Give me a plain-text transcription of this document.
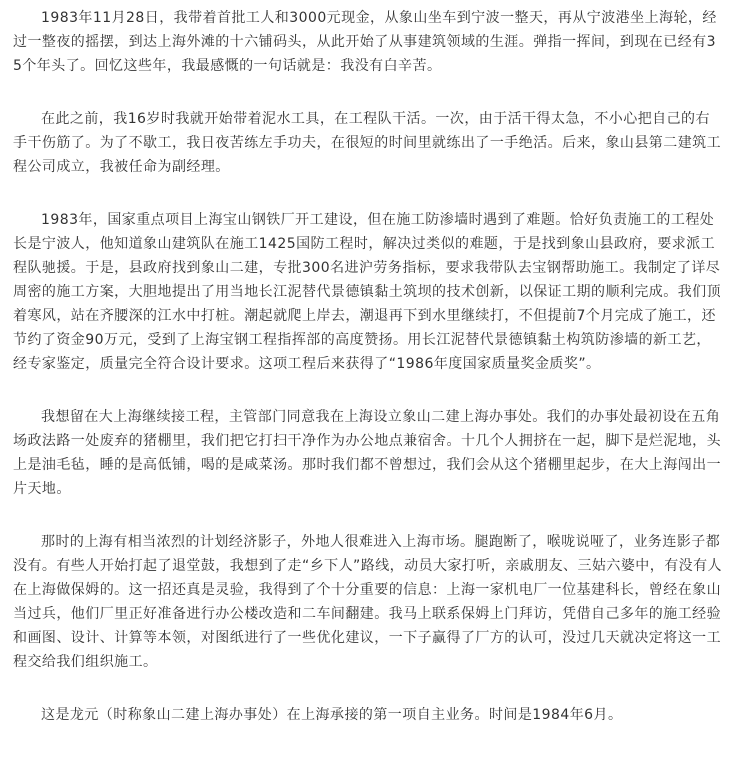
1983年11月28日，我带着首批工人和3000元现金，从象山坐车到宁波一整天，再从宁波港坐上海轮，经过一整夜的摇摆，到达上海外滩的十六铺码头，从此开始了从事建筑领域的生涯。弹指一挥间，到现在已经有35个年头了。回忆这些年，我最感慨的一句话就是：我没有白辛苦。

在此之前，我16岁时我就开始带着泥水工具，在工程队干活。一次，由于活干得太急，不小心把自己的右手干伤筋了。为了不歇工，我日夜苦练左手功夫，在很短的时间里就练出了一手绝活。后来，象山县第二建筑工程公司成立，我被任命为副经理。

1983年，国家重点项目上海宝山钢铁厂开工建设，但在施工防渗墙时遇到了难题。恰好负责施工的工程处长是宁波人，他知道象山建筑队在施工1425国防工程时，解决过类似的难题，于是找到象山县政府，要求派工程队驰援。于是，县政府找到象山二建，专批300名进沪劳务指标，要求我带队去宝钢帮助施工。我制定了详尽周密的施工方案，大胆地提出了用当地长江泥替代景德镇黏土筑坝的技术创新，以保证工期的顺利完成。我们顶着寒风，站在齐腰深的江水中打桩。潮起就爬上岸去，潮退再下到水里继续打，不但提前7个月完成了施工，还节约了资金90万元，受到了上海宝钢工程指挥部的高度赞扬。用长江泥替代景德镇黏土构筑防渗墙的新工艺，经专家鉴定，质量完全符合设计要求。这项工程后来获得了“1986年度国家质量奖金质奖”。

我想留在大上海继续接工程，主管部门同意我在上海设立象山二建上海办事处。我们的办事处最初设在五角场政法路一处废弃的猪棚里，我们把它打扫干净作为办公地点兼宿舍。十几个人拥挤在一起，脚下是烂泥地，头上是油毛毡，睡的是高低铺，喝的是咸菜汤。那时我们都不曾想过，我们会从这个猪棚里起步，在大上海闯出一片天地。

那时的上海有相当浓烈的计划经济影子，外地人很难进入上海市场。腿跑断了，喉咙说哑了，业务连影子都没有。有些人开始打起了退堂鼓，我想到了走“乡下人”路线，动员大家打听，亲戚朋友、三姑六婆中，有没有人在上海做保姆的。这一招还真是灵验，我得到了个十分重要的信息：上海一家机电厂一位基建科长，曾经在象山当过兵，他们厂里正好准备进行办公楼改造和二车间翻建。我马上联系保姆上门拜访，凭借自己多年的施工经验和画图、设计、计算等本领，对图纸进行了一些优化建议，一下子赢得了厂方的认可，没过几天就决定将这一工程交给我们组织施工。

这是龙元（时称象山二建上海办事处）在上海承接的第一项自主业务。时间是1984年6月。
